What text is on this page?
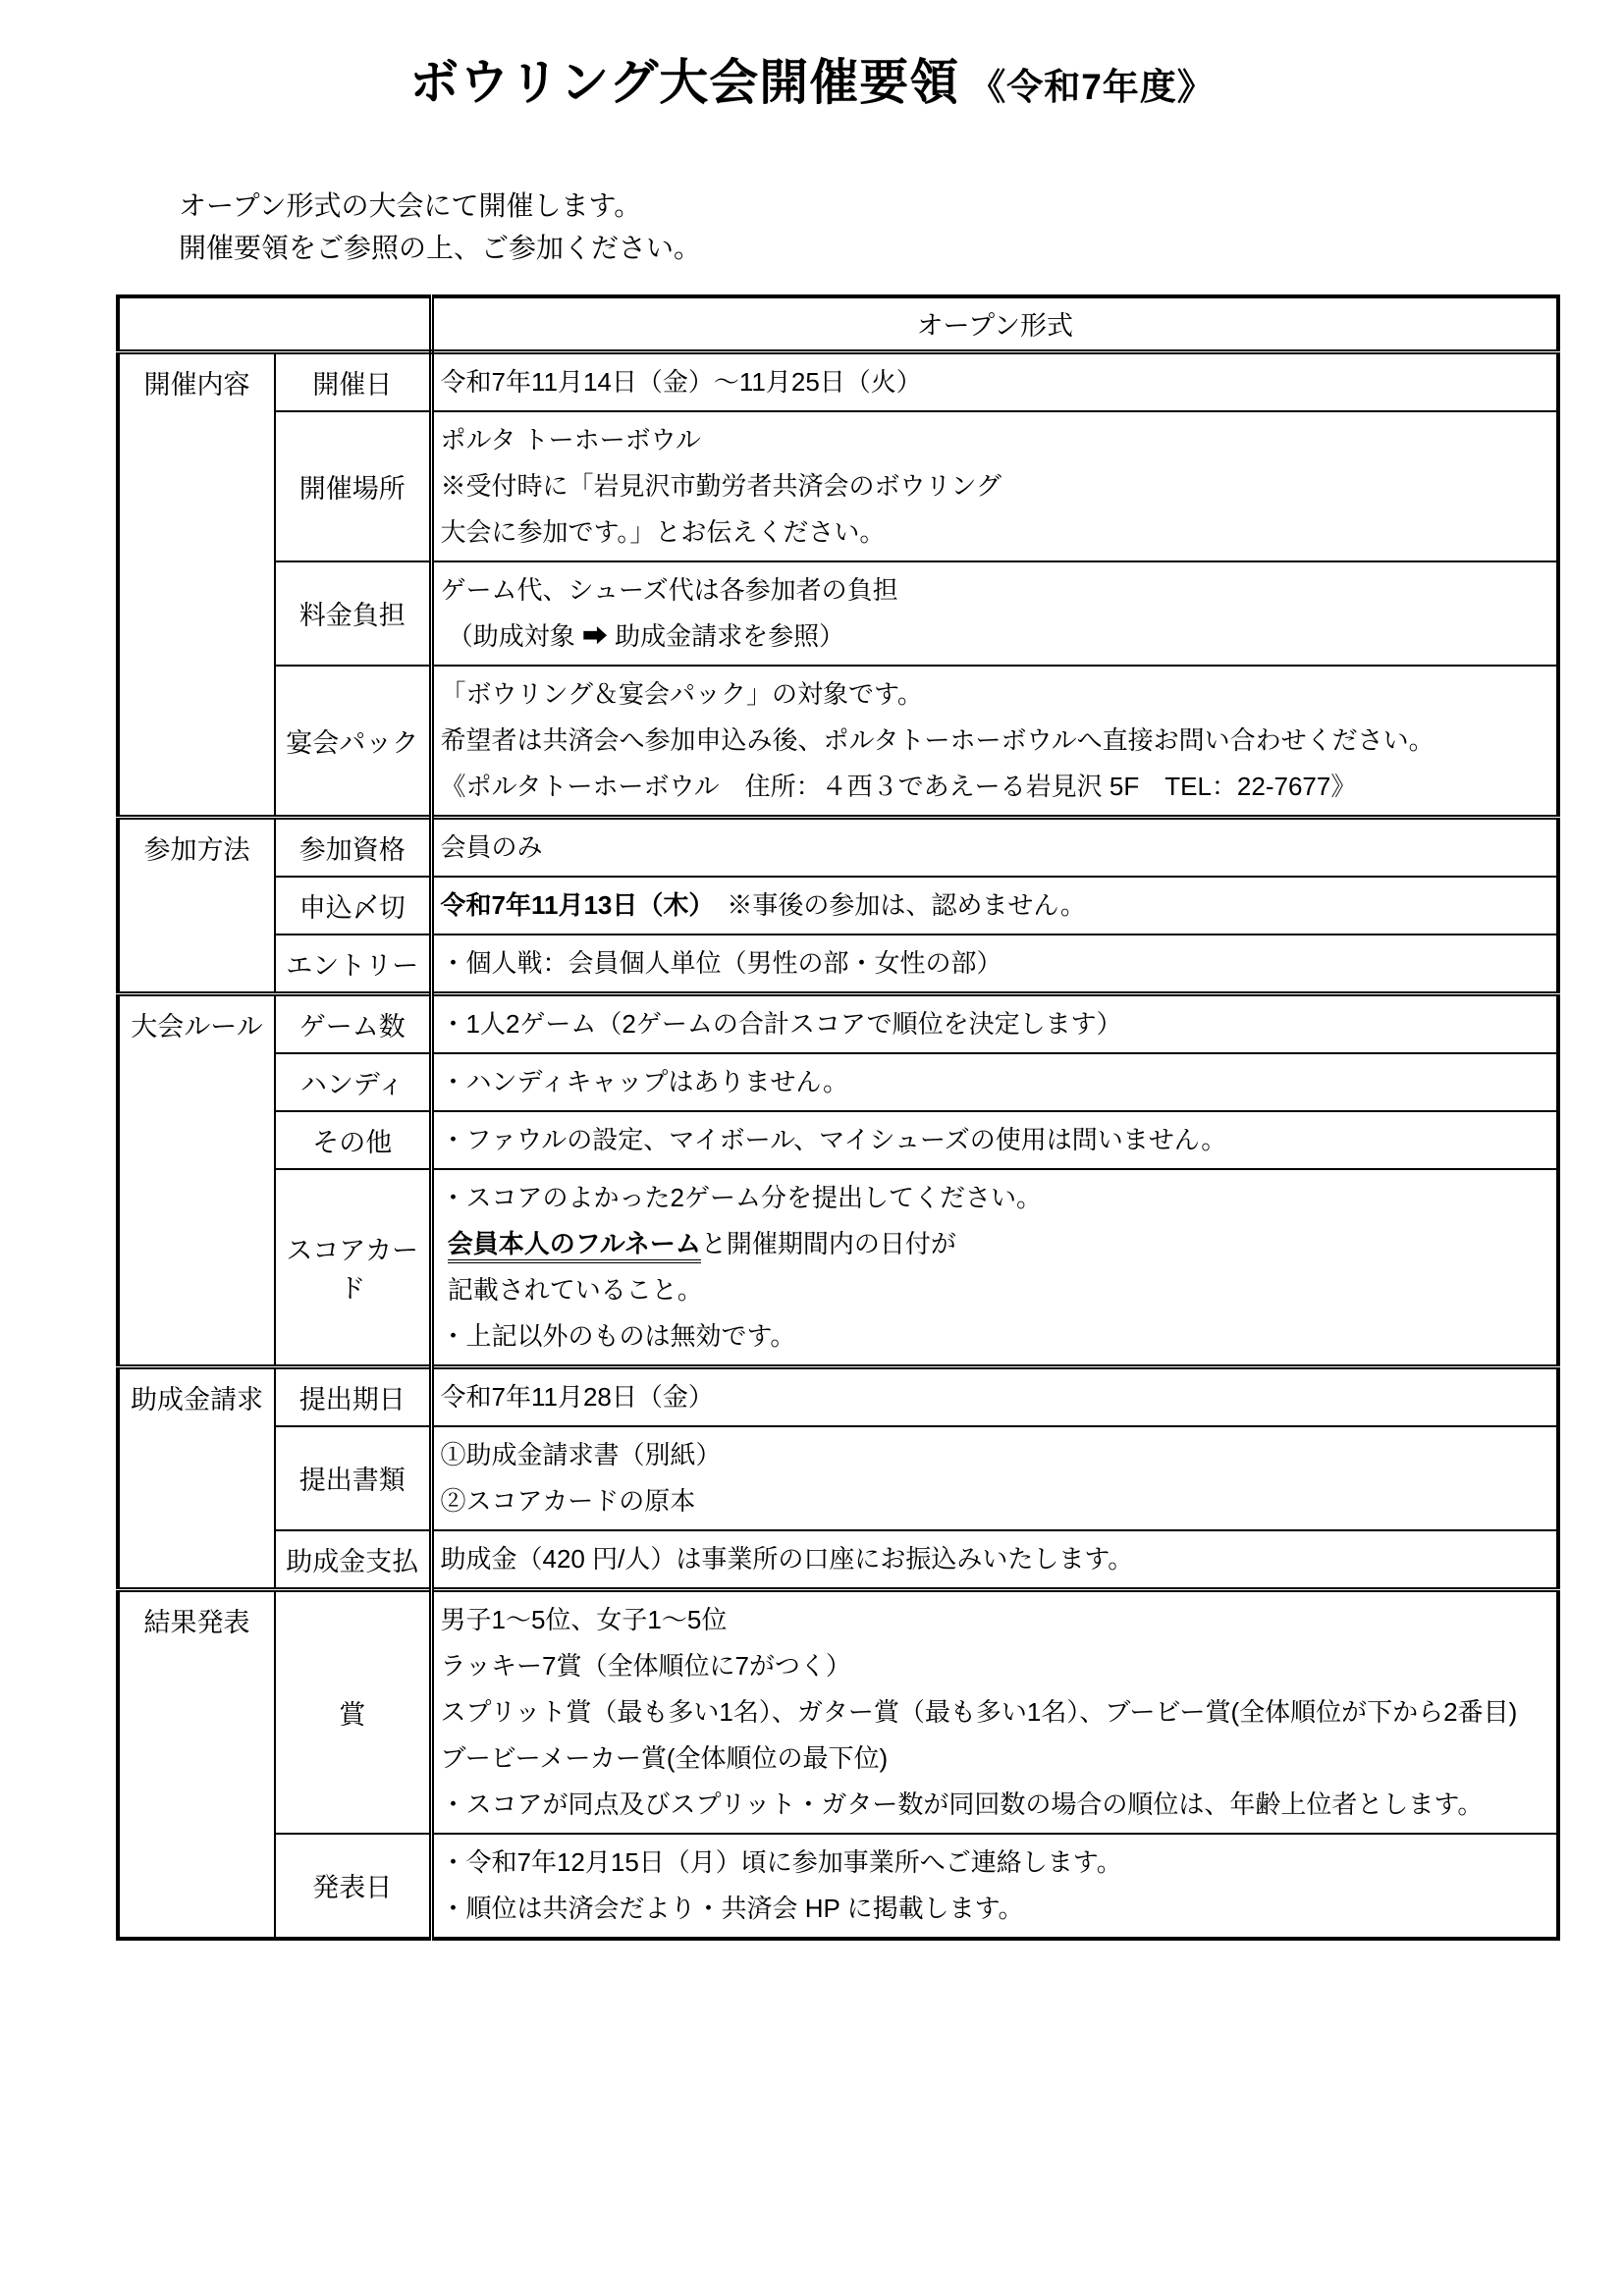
ボウリング大会開催要領 《令和7年度》

オープン形式の大会にて開催します。

開催要領をご参照の上、ご参加ください。

		オープン形式

開催内容	開催日	令和7年11月14日（金）～11月25日（火）

	開催場所	ポルタ トーホーボウル
※受付時に「岩見沢市勤労者共済会のボウリング
大会に参加です。」とお伝えください。

	料金負担	ゲーム代、シューズ代は各参加者の負担
（助成対象 ➡ 助成金請求を参照）

	宴会パック	「ボウリング＆宴会パック」の対象です。
希望者は共済会へ参加申込み後、ポルタトーホーボウルへ直接お問い合わせください。
《ポルタトーホーボウル　住所：４西３であえーる岩見沢 5F　TEL：22-7677》

参加方法	参加資格	会員のみ

	申込〆切	令和7年11月13日（木）　※事後の参加は、認めません。

	エントリー	・個人戦：会員個人単位（男性の部・女性の部）

大会ルール	ゲーム数	・1人2ゲーム（2ゲームの合計スコアで順位を決定します）

	ハンディ	・ハンディキャップはありません。

	その他	・ファウルの設定、マイボール、マイシューズの使用は問いません。

	スコアカード	・スコアのよかった2ゲーム分を提出してください。
会員本人のフルネームと開催期間内の日付が
記載されていること。
・上記以外のものは無効です。

助成金請求	提出期日	令和7年11月28日（金）

	提出書類	①助成金請求書（別紙）
②スコアカードの原本

	助成金支払	助成金（420 円/人）は事業所の口座にお振込みいたします。

結果発表	賞	男子1～5位、女子1～5位
ラッキー7賞（全体順位に7がつく）
スプリット賞（最も多い1名）、ガター賞（最も多い1名）、ブービー賞(全体順位が下から2番目)
ブービーメーカー賞(全体順位の最下位)
・スコアが同点及びスプリット・ガター数が同回数の場合の順位は、年齢上位者とします。

	発表日	・令和7年12月15日（月）頃に参加事業所へご連絡します。
・順位は共済会だより・共済会 HP に掲載します。
